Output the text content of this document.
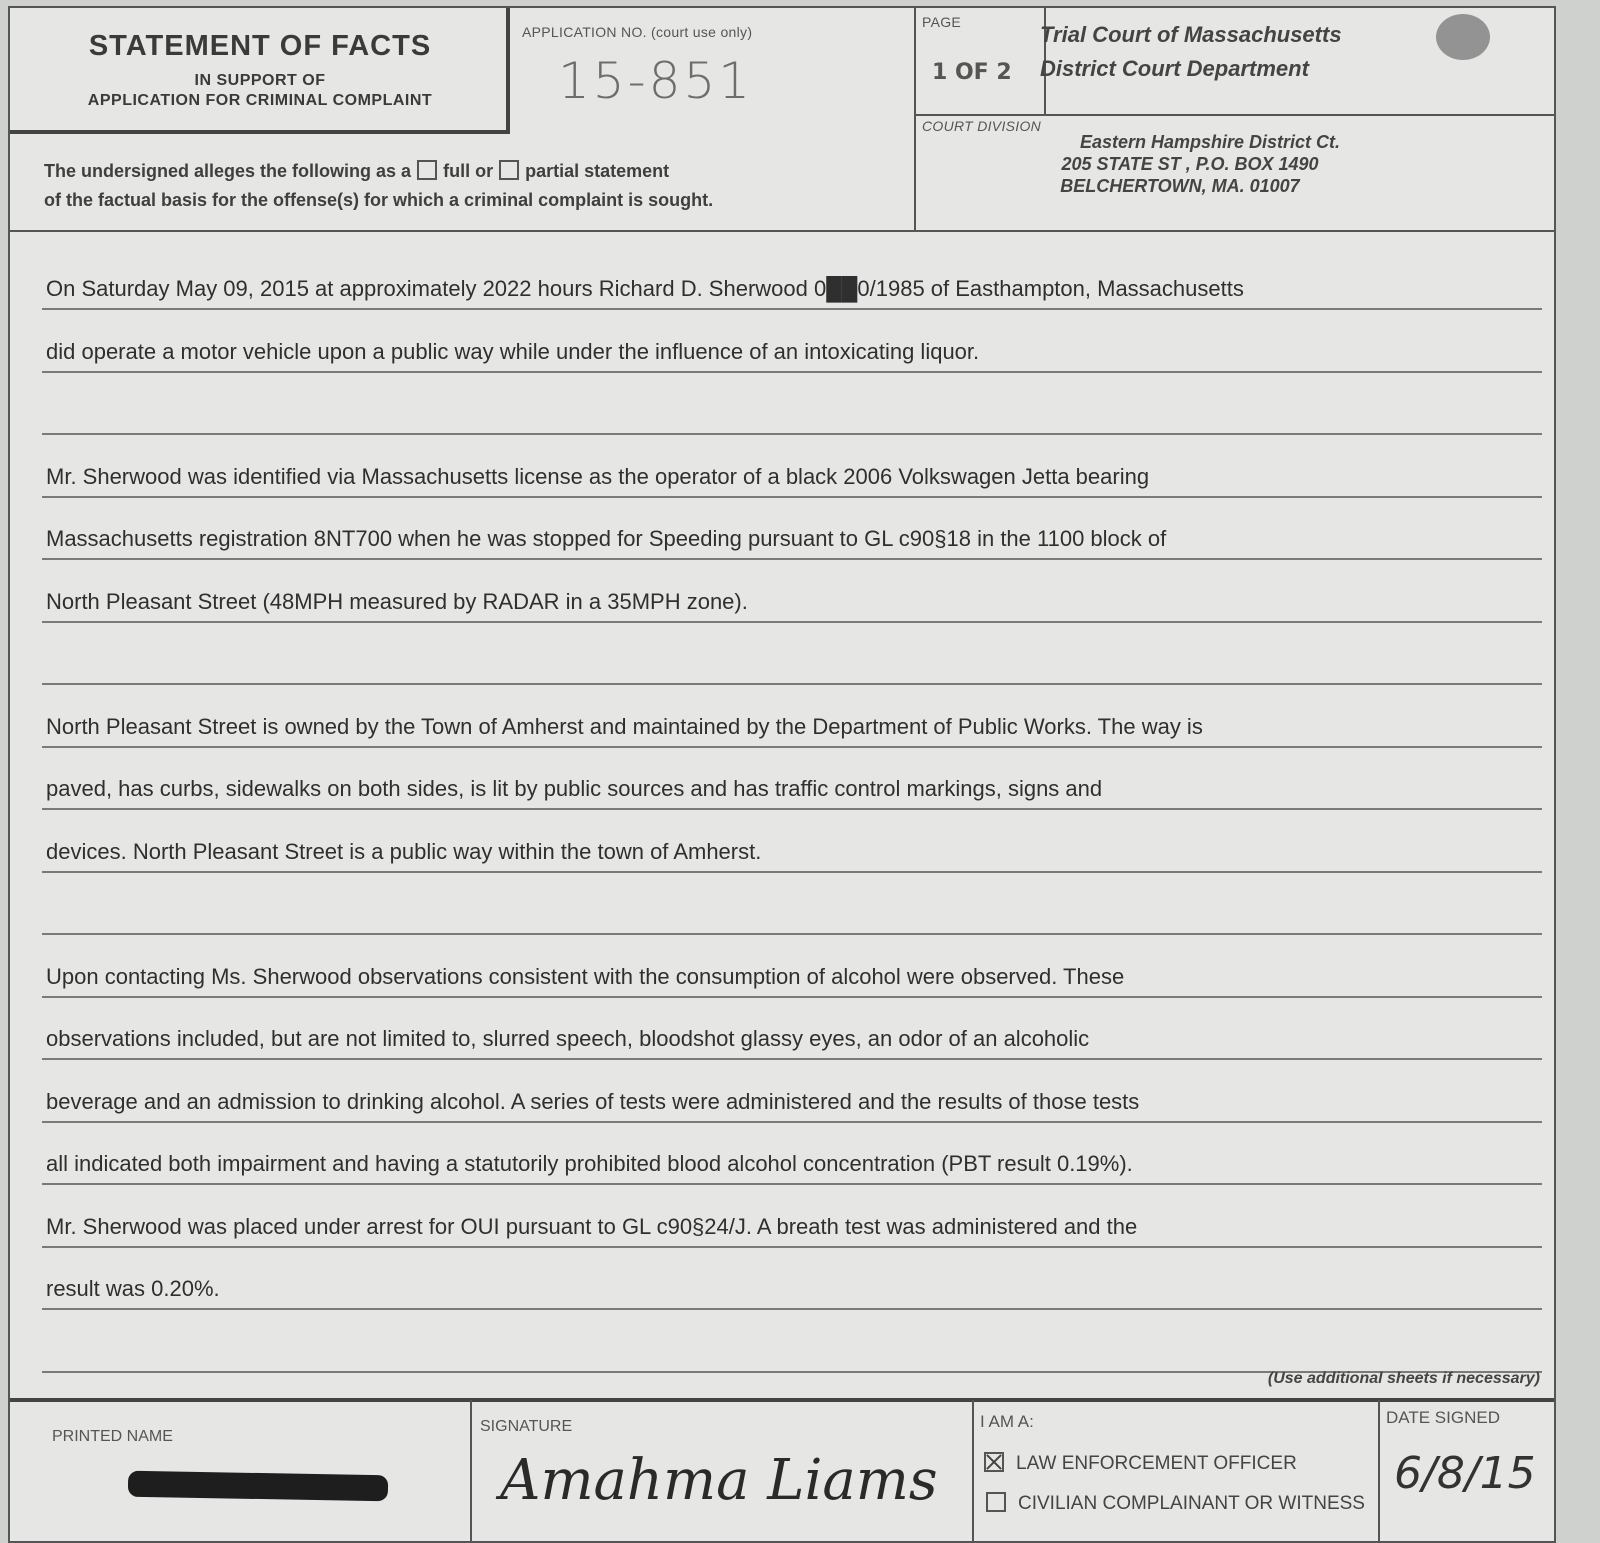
STATEMENT OF FACTS
IN SUPPORT OF
APPLICATION FOR CRIMINAL COMPLAINT
APPLICATION NO. (court use only)
15-851
PAGE
1 OF 2
Trial Court of Massachusetts
District Court Department
COURT DIVISION
Eastern Hampshire District Ct.
205 STATE ST , P.O. BOX 1490
BELCHERTOWN, MA. 01007
The undersigned alleges the following as a full or partial statement
of the factual basis for the offense(s) for which a criminal complaint is sought.
On Saturday May 09, 2015 at approximately 2022 hours Richard D. Sherwood 0██0/1985 of Easthampton, Massachusetts
did operate a motor vehicle upon a public way while under the influence of an intoxicating liquor.
Mr. Sherwood was identified via Massachusetts license as the operator of a black 2006 Volkswagen Jetta bearing
Massachusetts registration 8NT700 when he was stopped for Speeding pursuant to GL c90§18 in the 1100 block of
North Pleasant Street (48MPH measured by RADAR in a 35MPH zone).
North Pleasant Street is owned by the Town of Amherst and maintained by the Department of Public Works. The way is
paved, has curbs, sidewalks on both sides, is lit by public sources and has traffic control markings, signs and
devices. North Pleasant Street is a public way within the town of Amherst.
Upon contacting Ms. Sherwood observations consistent with the consumption of alcohol were observed. These
observations included, but are not limited to, slurred speech, bloodshot glassy eyes, an odor of an alcoholic
beverage and an admission to drinking alcohol. A series of tests were administered and the results of those tests
all indicated both impairment and having a statutorily prohibited blood alcohol concentration (PBT result 0.19%).
Mr. Sherwood was placed under arrest for OUI pursuant to GL c90§24/J. A breath test was administered and the
result was 0.20%.
(Use additional sheets if necessary)
PRINTED NAME
SIGNATURE
Amahma Liams
I AM A:
LAW ENFORCEMENT OFFICER
CIVILIAN COMPLAINANT OR WITNESS
DATE SIGNED
6/8/15
